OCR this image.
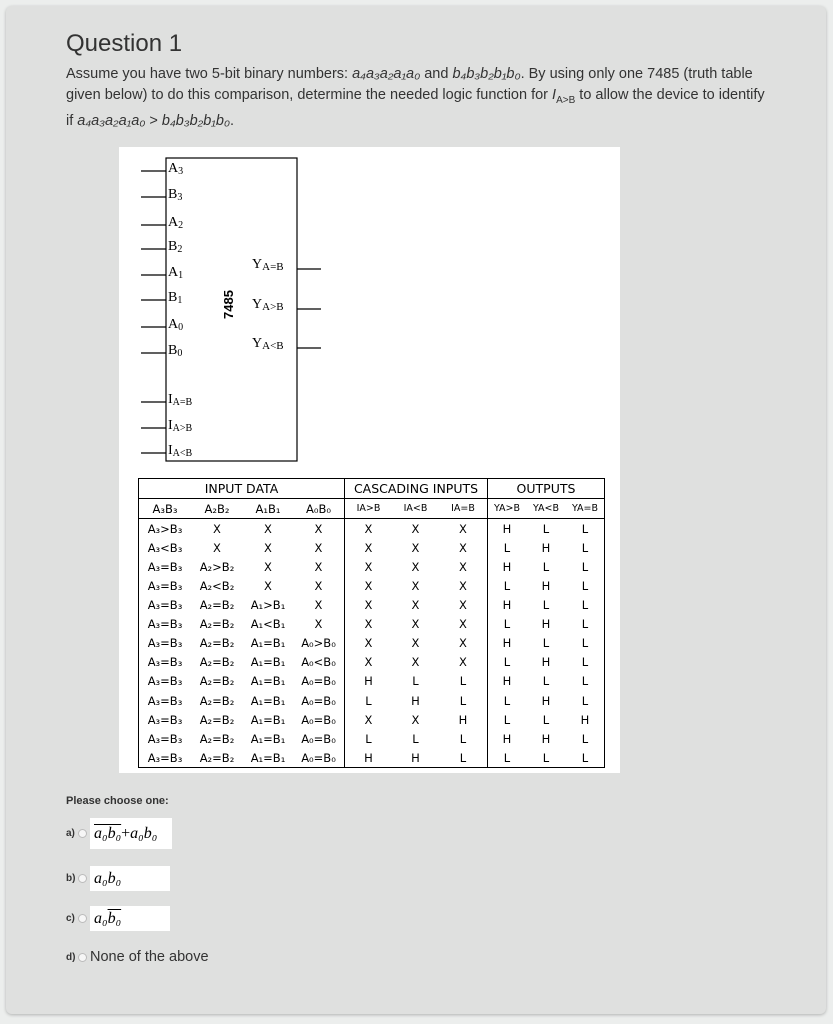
Question 1
Assume you have two 5-bit binary numbers: a₄a₃a₂a₁a₀ and b₄b₃b₂b₁b₀. By using only one 7485 (truth table given below) to do this comparison, determine the needed logic function for $I_{A>B}$ to allow the device to identify if a₄a₃a₂a₁a₀ > b₄b₃b₂b₁b₀.
7485
$A_3$
$B_3$
$A_2$
$B_2$
$A_1$
$B_1$
$A_0$
$B_0$
$I_{A=B}$
$I_{A>B}$
$I_{A<B}$
$Y_{A=B}$
$Y_{A>B}$
$Y_{A<B}$
INPUT DATA				CASCADING INPUTS			OUTPUTS		
A₃B₃	A₂B₂	A₁B₁	A₀B₀	IA>B	IA<B	IA=B	YA>B	YA<B	YA=B
A₃>B₃	X	X	X	X	X	X	H	L	L
A₃<B₃	X	X	X	X	X	X	L	H	L
A₃=B₃	A₂>B₂	X	X	X	X	X	H	L	L
A₃=B₃	A₂<B₂	X	X	X	X	X	L	H	L
A₃=B₃	A₂=B₂	A₁>B₁	X	X	X	X	H	L	L
A₃=B₃	A₂=B₂	A₁<B₁	X	X	X	X	L	H	L
A₃=B₃	A₂=B₂	A₁=B₁	A₀>B₀	X	X	X	H	L	L
A₃=B₃	A₂=B₂	A₁=B₁	A₀<B₀	X	X	X	L	H	L
A₃=B₃	A₂=B₂	A₁=B₁	A₀=B₀	H	L	L	H	L	L
A₃=B₃	A₂=B₂	A₁=B₁	A₀=B₀	L	H	L	L	H	L
A₃=B₃	A₂=B₂	A₁=B₁	A₀=B₀	X	X	H	L	L	H
A₃=B₃	A₂=B₂	A₁=B₁	A₀=B₀	L	L	L	H	H	L
A₃=B₃	A₂=B₂	A₁=B₁	A₀=B₀	H	H	L	L	L	L
Please choose one:
a) a₀b₀ + a₀b₀
b) a₀b₀
c) a₀ b₀
d) None of the above
